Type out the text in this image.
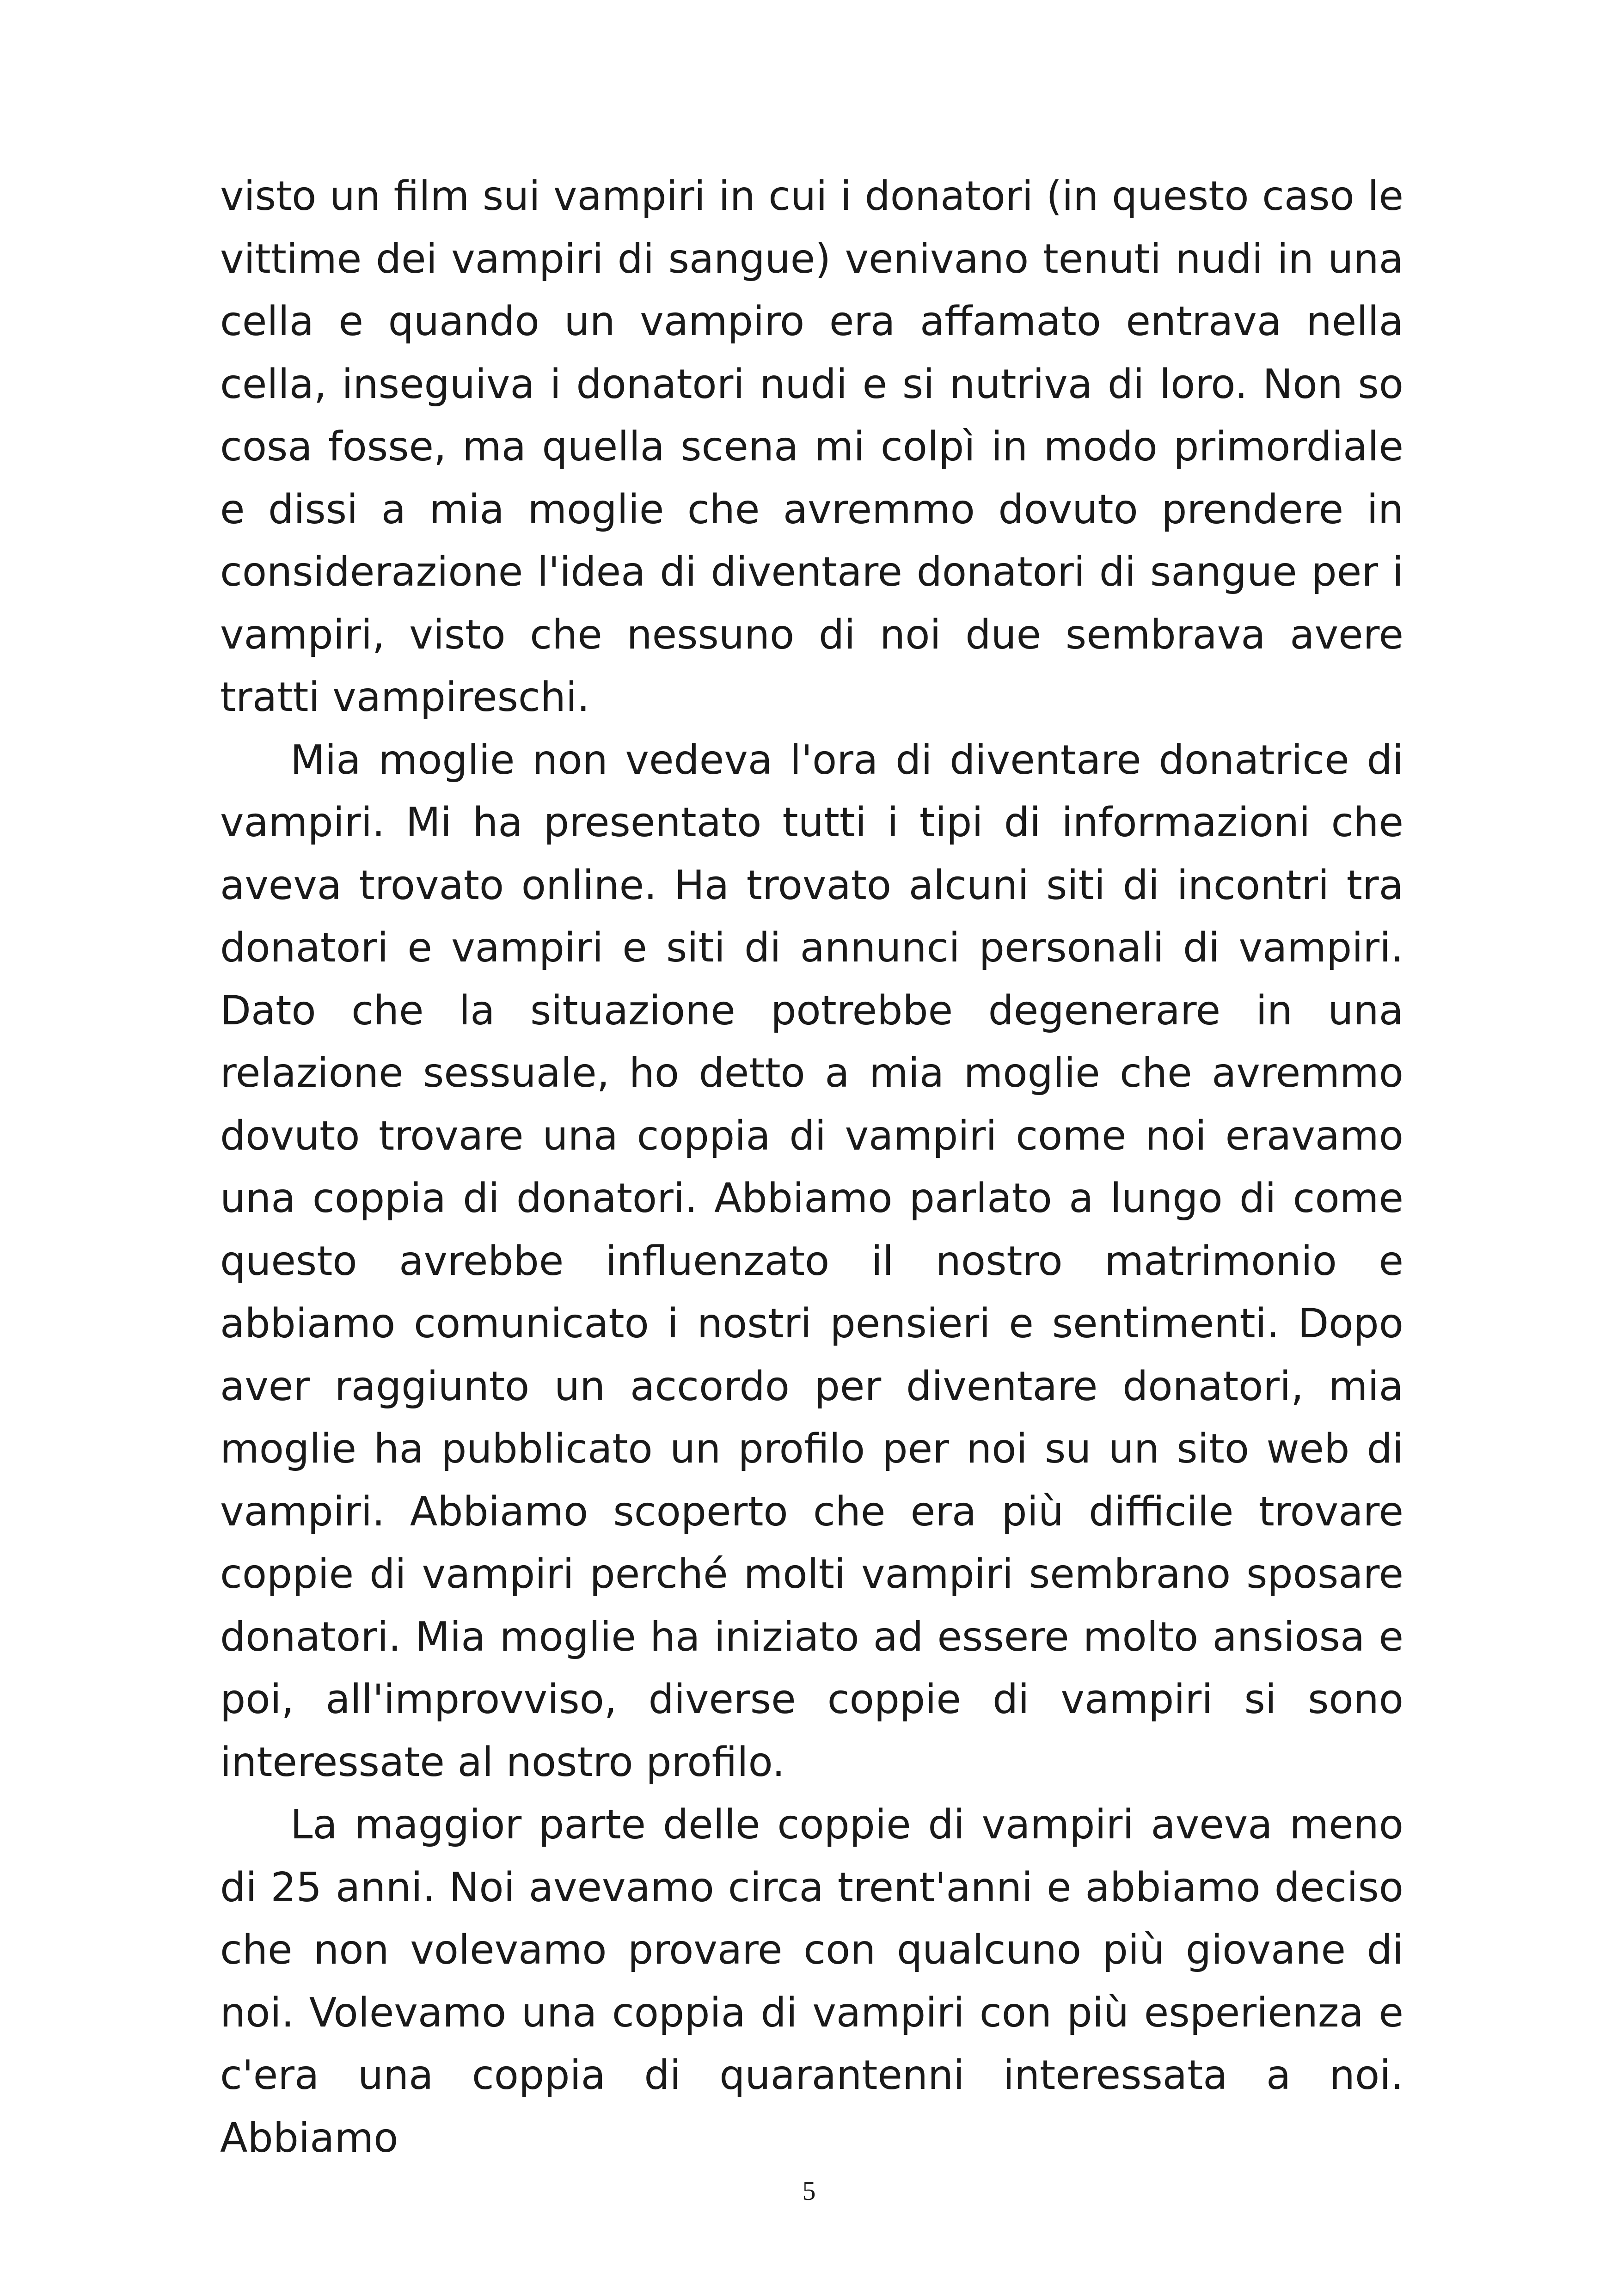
visto un film sui vampiri in cui i donatori (in questo caso le vittime dei vampiri di sangue) venivano tenuti nudi in una cella e quando un vampiro era affamato entrava nella cella, inseguiva i donatori nudi e si nutriva di loro. Non so cosa fosse, ma quella scena mi colpì in modo primordiale e dissi a mia moglie che avremmo dovuto prendere in considerazione l'idea di diventare donatori di sangue per i vampiri, visto che nessuno di noi due sembrava avere tratti vampireschi.

Mia moglie non vedeva l'ora di diventare donatrice di vampiri. Mi ha presentato tutti i tipi di informazioni che aveva trovato online. Ha trovato alcuni siti di incontri tra donatori e vampiri e siti di annunci personali di vampiri. Dato che la situazione potrebbe degenerare in una relazione sessuale, ho detto a mia moglie che avremmo dovuto trovare una coppia di vampiri come noi eravamo una coppia di donatori. Abbiamo parlato a lungo di come questo avrebbe influenzato il nostro matrimonio e abbiamo comunicato i nostri pensieri e sentimenti. Dopo aver raggiunto un accordo per diventare donatori, mia moglie ha pubblicato un profilo per noi su un sito web di vampiri. Abbiamo scoperto che era più difficile trovare coppie di vampiri perché molti vampiri sembrano sposare donatori. Mia moglie ha iniziato ad essere molto ansiosa e poi, all'improvviso, diverse coppie di vampiri si sono interessate al nostro profilo.

La maggior parte delle coppie di vampiri aveva meno di 25 anni. Noi avevamo circa trent'anni e abbiamo deciso che non volevamo provare con qualcuno più giovane di noi. Volevamo una coppia di vampiri con più esperienza e c'era una coppia di quarantenni interessata a noi. Abbiamo

5
